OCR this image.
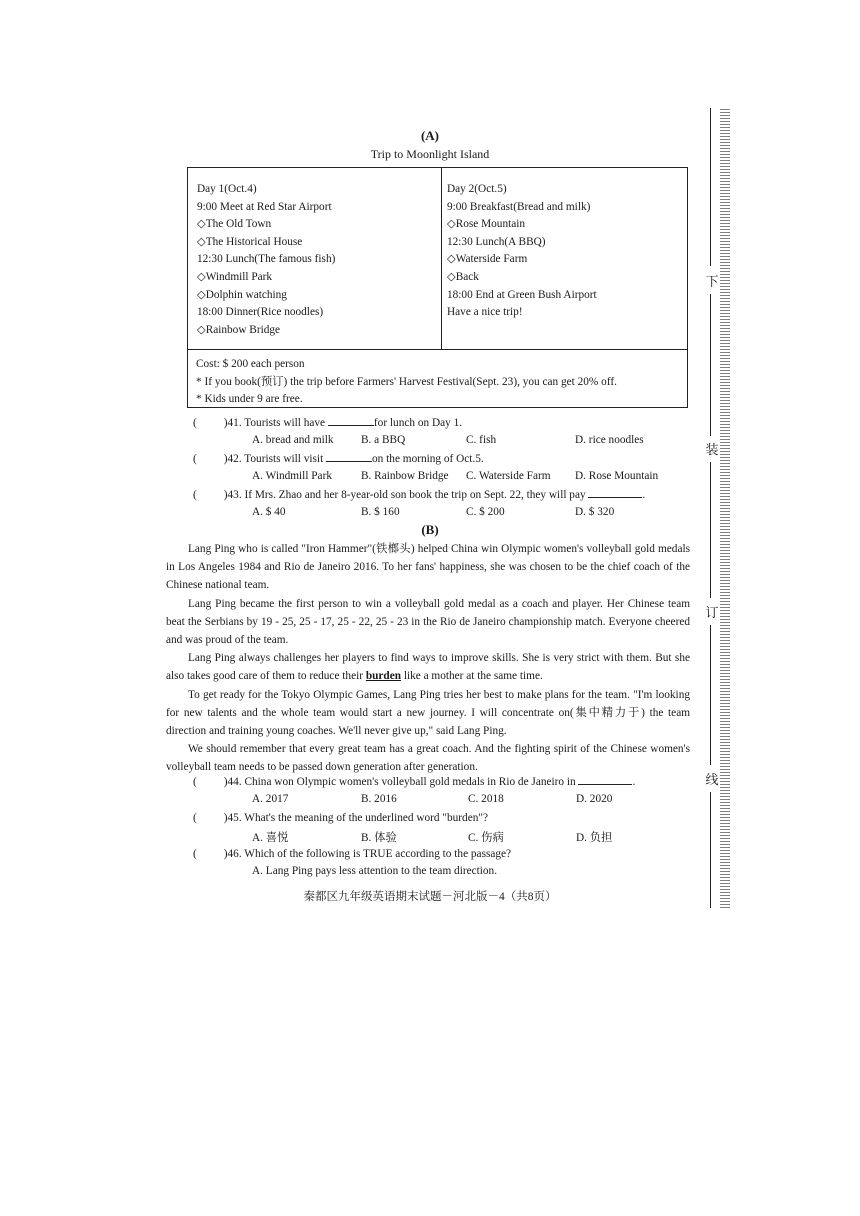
(A)
Trip to Moonlight Island
Day 1(Oct.4)
9:00 Meet at Red Star Airport
◇The Old Town
◇The Historical House
12:30 Lunch(The famous fish)
◇Windmill Park
◇Dolphin watching
18:00 Dinner(Rice noodles)
◇Rainbow Bridge
Day 2(Oct.5)
9:00 Breakfast(Bread and milk)
◇Rose Mountain
12:30 Lunch(A BBQ)
◇Waterside Farm
◇Back
18:00 End at Green Bush Airport
Have a nice trip!
Cost: $ 200 each person
* If you book(预订) the trip before Farmers' Harvest Festival(Sept. 23), you can get 20% off.
* Kids under 9 are free.
( )41. Tourists will have	for lunch on Day 1.
A. bread and milk B. a BBQ	C. fish	D. rice noodles
( )42. Tourists will visit	on the morning of Oct.5.
A. Windmill Park	B. Rainbow Bridge C. Waterside Farm D. Rose Mountain
( )43. If Mrs. Zhao and her 8-year-old son book the trip on Sept. 22, they will pay	.
A. $ 40	B. $ 160	C. $ 200	D. $ 320
(B)

Lang Ping who is called "Iron Hammer"(铁榔头) helped China win Olympic women's volleyball gold medals in Los Angeles 1984 and Rio de Janeiro 2016. To her fans' happiness, she was chosen to be the chief coach of the Chinese national team.

Lang Ping became the first person to win a volleyball gold medal as a coach and player. Her Chinese team beat the Serbians by 19 - 25, 25 - 17, 25 - 22, 25 - 23 in the Rio de Janeiro championship match. Everyone cheered and was proud of the team.

Lang Ping always challenges her players to find ways to improve skills. She is very strict with them. But she also takes good care of them to reduce their burden like a mother at the same time.

To get ready for the Tokyo Olympic Games, Lang Ping tries her best to make plans for the team. "I'm looking for new talents and the whole team would start a new journey. I will concentrate on(集中精力于) the team direction and training young coaches. We'll never give up," said Lang Ping.

We should remember that every great team has a great coach. And the fighting spirit of the Chinese women's volleyball team needs to be passed down generation after generation.

( )44. China won Olympic women's volleyball gold medals in Rio de Janeiro in	.
A. 2017	B. 2016	C. 2018	D. 2020
( )45. What's the meaning of the underlined word "burden"?
A. 喜悦	B. 体验	C. 伤病	D. 负担
( )46. Which of the following is TRUE according to the passage?
A. Lang Ping pays less attention to the team direction.
秦都区九年级英语期末试题－河北版－4（共8页）
下
装
订
线
